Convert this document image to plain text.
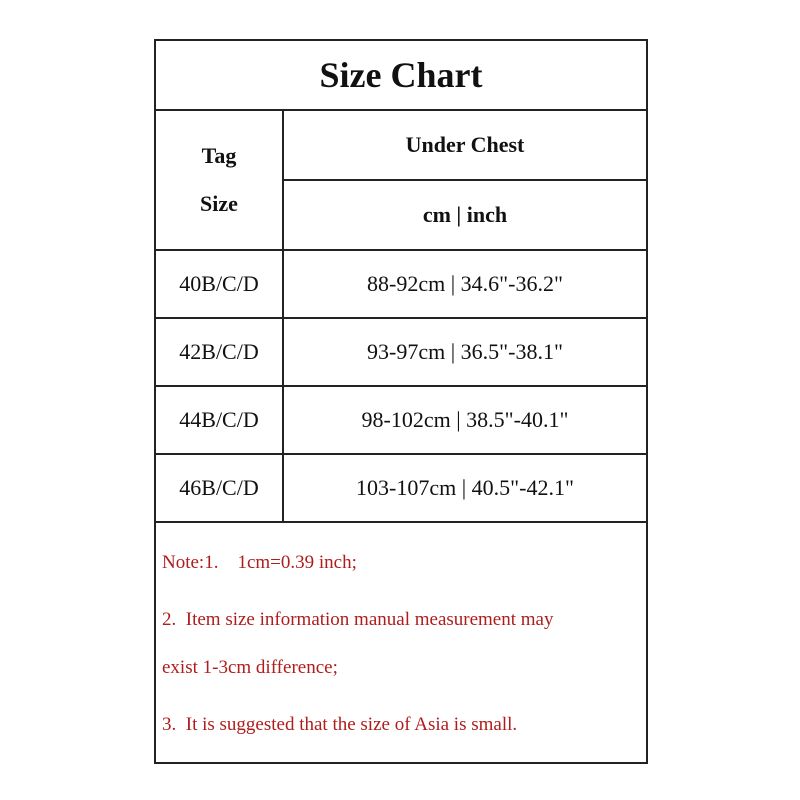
Size Chart
Tag
Size
Under Chest
cm | inch
40B/C/D	88-92cm | 34.6"-36.2"
42B/C/D	93-97cm | 36.5"-38.1"
44B/C/D	98-102cm | 38.5"-40.1"
46B/C/D	103-107cm | 40.5"-42.1"
Note:1.    1cm=0.39 inch;
2.  Item size information manual measurement may
exist 1-3cm difference;
3.  It is suggested that the size of Asia is small.
